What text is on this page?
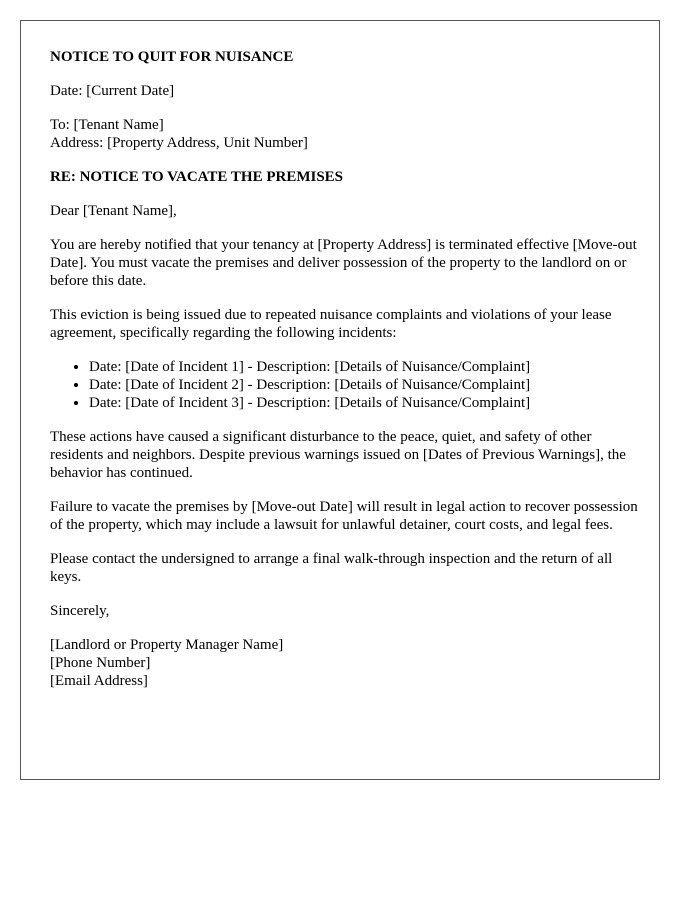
NOTICE TO QUIT FOR NUISANCE

Date: [Current Date]

To: [Tenant Name]
Address: [Property Address, Unit Number]

RE: NOTICE TO VACATE THE PREMISES

Dear [Tenant Name],

You are hereby notified that your tenancy at [Property Address] is terminated effective [Move-out Date]. You must vacate the premises and deliver possession of the property to the landlord on or before this date.

This eviction is being issued due to repeated nuisance complaints and violations of your lease agreement, specifically regarding the following incidents:

• Date: [Date of Incident 1] - Description: [Details of Nuisance/Complaint]
• Date: [Date of Incident 2] - Description: [Details of Nuisance/Complaint]
• Date: [Date of Incident 3] - Description: [Details of Nuisance/Complaint]

These actions have caused a significant disturbance to the peace, quiet, and safety of other residents and neighbors. Despite previous warnings issued on [Dates of Previous Warnings], the behavior has continued.

Failure to vacate the premises by [Move-out Date] will result in legal action to recover possession of the property, which may include a lawsuit for unlawful detainer, court costs, and legal fees.

Please contact the undersigned to arrange a final walk-through inspection and the return of all keys.

Sincerely,

[Landlord or Property Manager Name]
[Phone Number]
[Email Address]
